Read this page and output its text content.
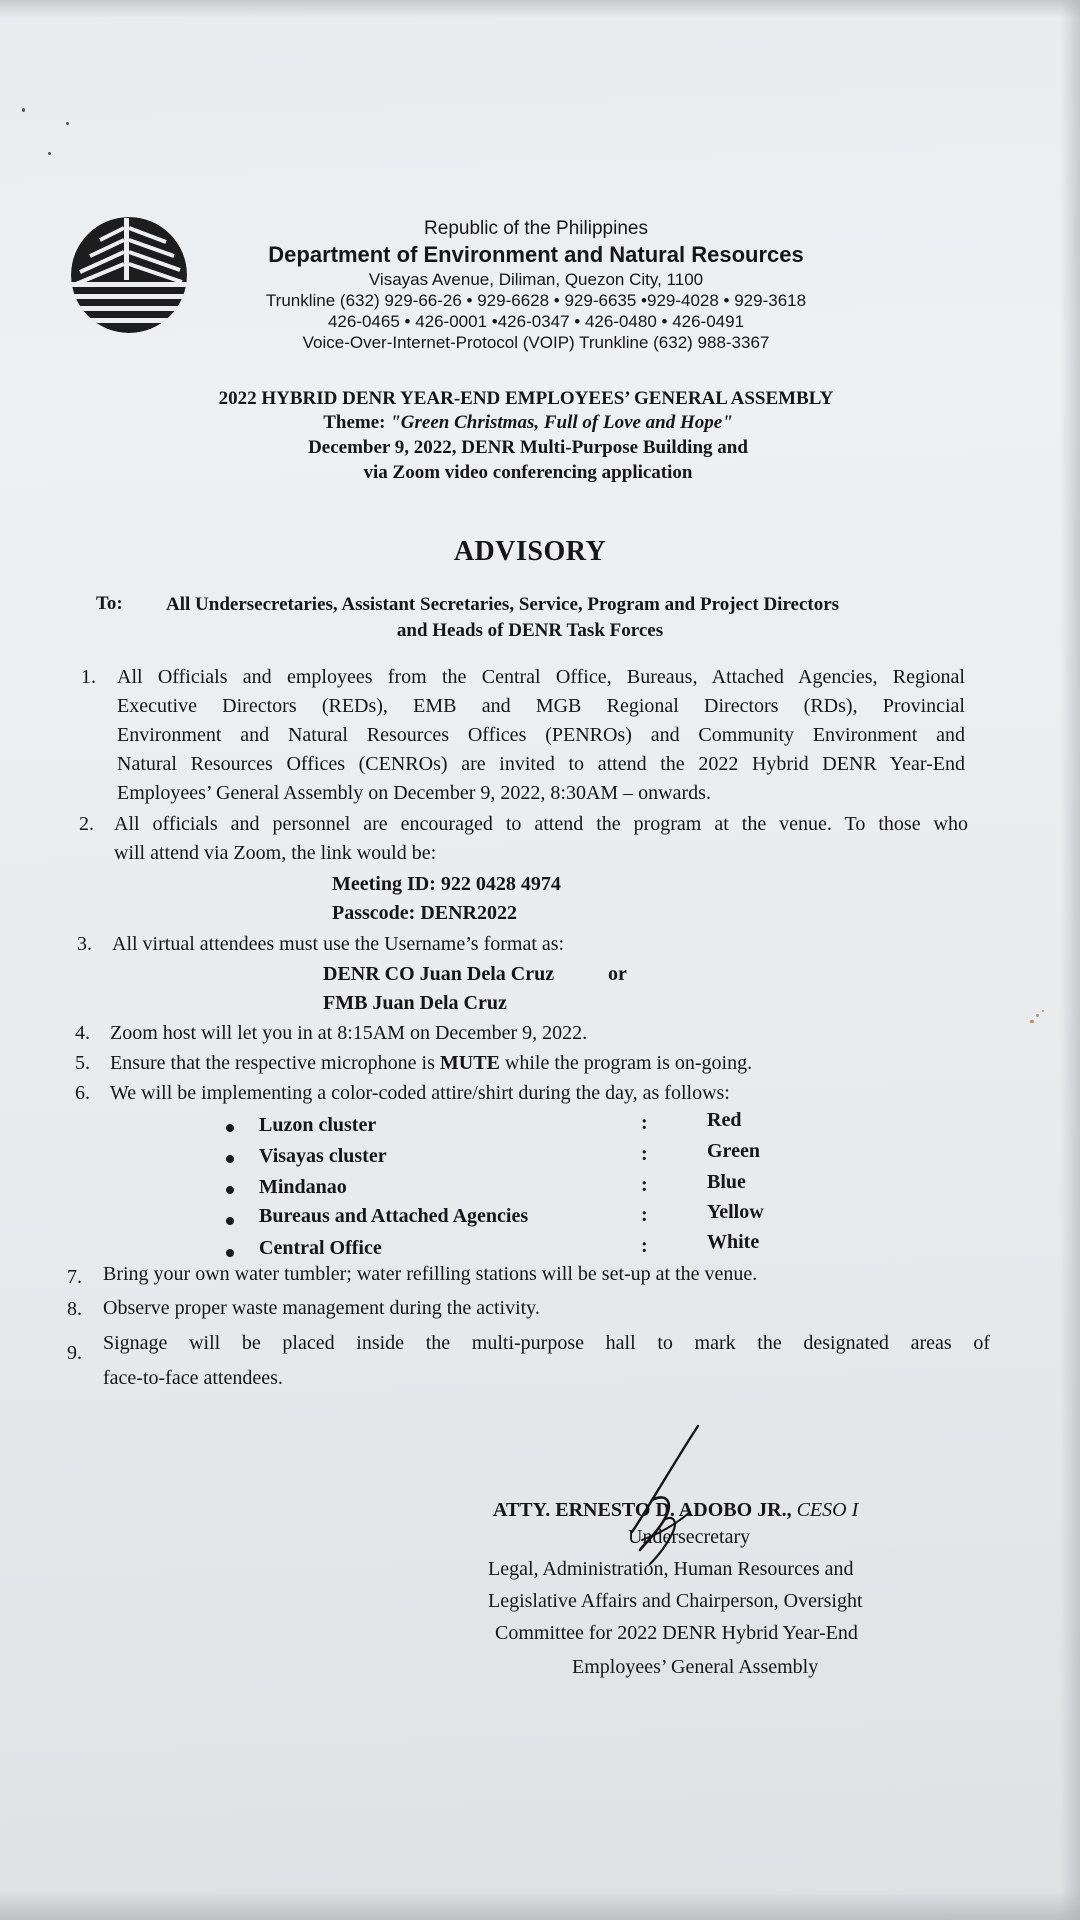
Republic of the Philippines
Department of Environment and Natural Resources
Visayas Avenue, Diliman, Quezon City, 1100
Trunkline (632) 929-66-26 • 929-6628 • 929-6635 •929-4028 • 929-3618
426-0465 • 426-0001 •426-0347 • 426-0480 • 426-0491
Voice-Over-Internet-Protocol (VOIP) Trunkline (632) 988-3367
2022 HYBRID DENR YEAR-END EMPLOYEES’ GENERAL ASSEMBLY
Theme: "Green Christmas, Full of Love and Hope"
December 9, 2022, DENR Multi-Purpose Building and
via Zoom video conferencing application
ADVISORY
To: All Undersecretaries, Assistant Secretaries, Service, Program and Project Directors
and Heads of DENR Task Forces
1. All Officials and employees from the Central Office, Bureaus, Attached Agencies, Regional
Executive Directors (REDs), EMB and MGB Regional Directors (RDs), Provincial
Environment and Natural Resources Offices (PENROs) and Community Environment and
Natural Resources Offices (CENROs) are invited to attend the 2022 Hybrid DENR Year-End
Employees’ General Assembly on December 9, 2022, 8:30AM – onwards.
2. All officials and personnel are encouraged to attend the program at the venue. To those who
will attend via Zoom, the link would be:
Meeting ID: 922 0428 4974
Passcode: DENR2022
3. All virtual attendees must use the Username’s format as:
DENR CO Juan Dela Cruz	or
FMB Juan Dela Cruz
4. Zoom host will let you in at 8:15AM on December 9, 2022.
5. Ensure that the respective microphone is MUTE while the program is on-going.
6. We will be implementing a color-coded attire/shirt during the day, as follows:
Luzon cluster	:	Red
Visayas cluster	:	Green
Mindanao	:	Blue
Bureaus and Attached Agencies	:	Yellow
Central Office	:	White
7. Bring your own water tumbler; water refilling stations will be set-up at the venue.
8. Observe proper waste management during the activity.
9. Signage will be placed inside the multi-purpose hall to mark the designated areas of
face-to-face attendees.
ATTY. ERNESTO D. ADOBO JR., CESO I
Undersecretary
Legal, Administration, Human Resources and
Legislative Affairs and Chairperson, Oversight
Committee for 2022 DENR Hybrid Year-End
Employees’ General Assembly
